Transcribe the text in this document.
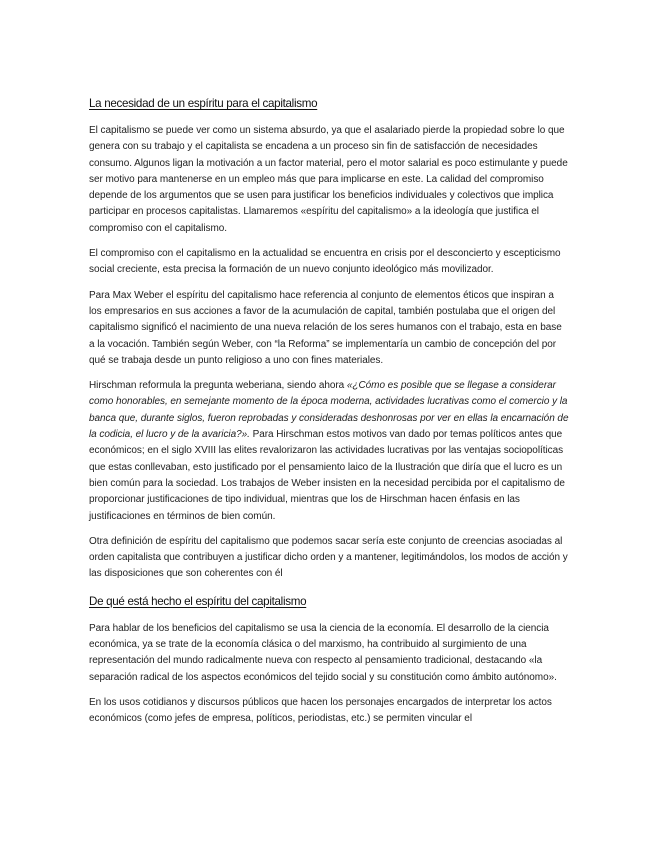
La necesidad de un espíritu para el capitalismo

El capitalismo se puede ver como un sistema absurdo, ya que el asalariado pierde la propiedad sobre lo que genera con su trabajo y el capitalista se encadena a un proceso sin fin de satisfacción de necesidades consumo. Algunos ligan la motivación a un factor material, pero el motor salarial es poco estimulante y puede ser motivo para mantenerse en un empleo más que para implicarse en este. La calidad del compromiso depende de los argumentos que se usen para justificar los beneficios individuales y colectivos que implica participar en procesos capitalistas. Llamaremos «espíritu del capitalismo» a la ideología que justifica el compromiso con el capitalismo.

El compromiso con el capitalismo en la actualidad se encuentra en crisis por el desconcierto y escepticismo social creciente, esta precisa la formación de un nuevo conjunto ideológico más movilizador.

Para Max Weber el espíritu del capitalismo hace referencia al conjunto de elementos éticos que inspiran a los empresarios en sus acciones a favor de la acumulación de capital, también postulaba que el origen del capitalismo significó el nacimiento de una nueva relación de los seres humanos con el trabajo, esta en base a la vocación. También según Weber, con “la Reforma” se implementaría un cambio de concepción del por qué se trabaja desde un punto religioso a uno con fines materiales.

Hirschman reformula la pregunta weberiana, siendo ahora «¿Cómo es posible que se llegase a considerar como honorables, en semejante momento de la época moderna, actividades lucrativas como el comercio y la banca que, durante siglos, fueron reprobadas y consideradas deshonrosas por ver en ellas la encarnación de la codicia, el lucro y de la avaricia?». Para Hirschman estos motivos van dado por temas políticos antes que económicos; en el siglo XVIII las elites revalorizaron las actividades lucrativas por las ventajas sociopolíticas que estas conllevaban, esto justificado por el pensamiento laico de la Ilustración que diría que el lucro es un bien común para la sociedad. Los trabajos de Weber insisten en la necesidad percibida por el capitalismo de proporcionar justificaciones de tipo individual, mientras que los de Hirschman hacen énfasis en las justificaciones en términos de bien común.

Otra definición de espíritu del capitalismo que podemos sacar sería este conjunto de creencias asociadas al orden capitalista que contribuyen a justificar dicho orden y a mantener, legitimándolos, los modos de acción y las disposiciones que son coherentes con él

De qué está hecho el espíritu del capitalismo

Para hablar de los beneficios del capitalismo se usa la ciencia de la economía. El desarrollo de la ciencia económica, ya se trate de la economía clásica o del marxismo, ha contribuido al surgimiento de una representación del mundo radicalmente nueva con respecto al pensamiento tradicional, destacando «la separación radical de los aspectos económicos del tejido social y su constitución como ámbito autónomo».

En los usos cotidianos y discursos públicos que hacen los personajes encargados de interpretar los actos económicos (como jefes de empresa, políticos, periodistas, etc.) se permiten vincular el
